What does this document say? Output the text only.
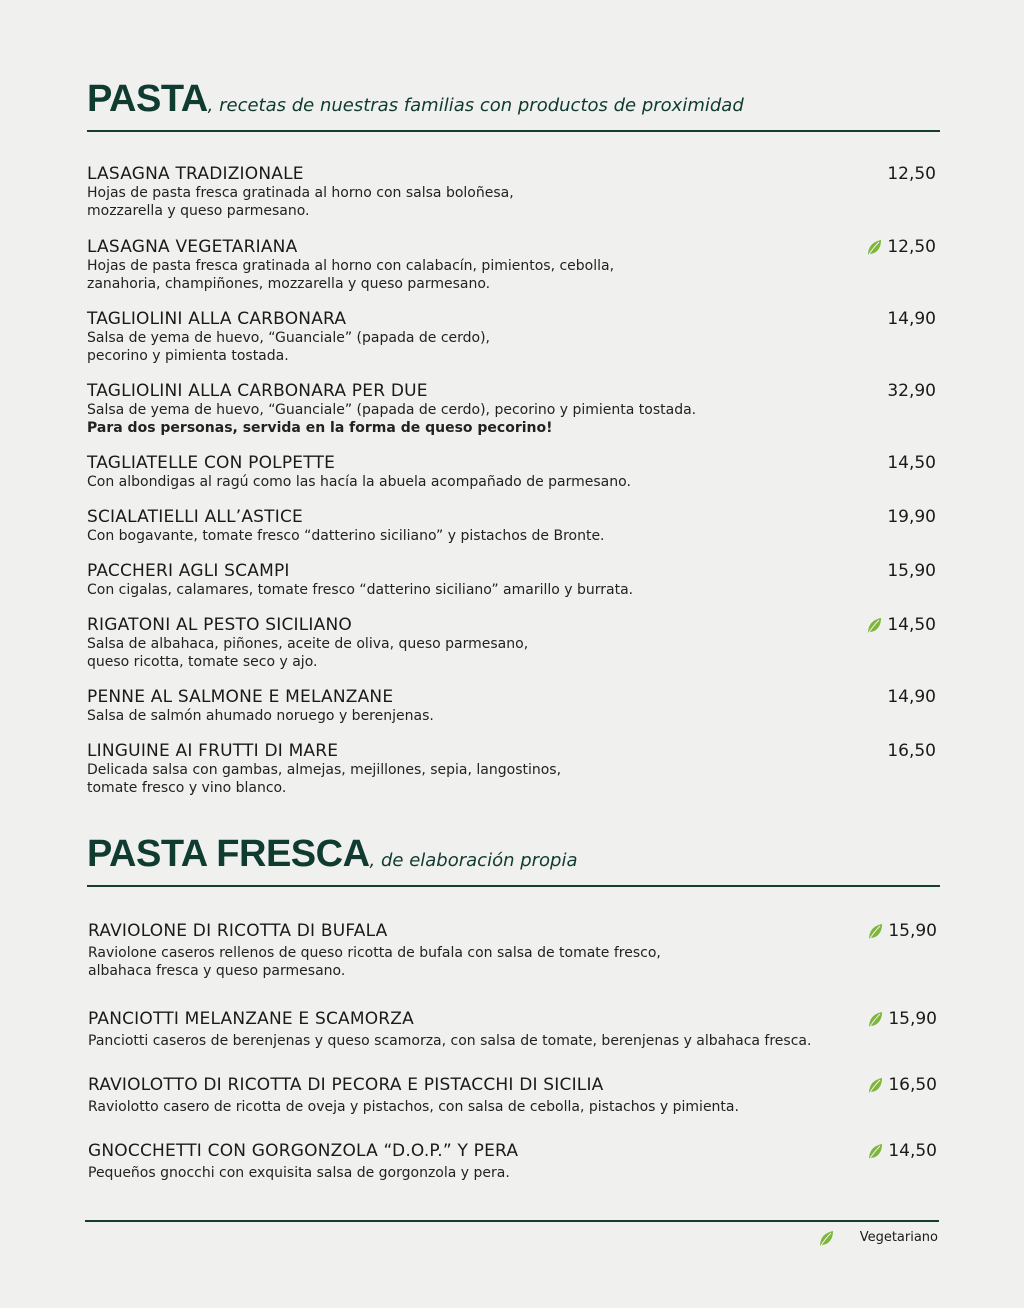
PASTA, recetas de nuestras familias con productos de proximidad
LASAGNA TRADIZIONALE
Hojas de pasta fresca gratinada al horno con salsa boloñesa,
mozzarella y queso parmesano.
12,50
LASAGNA VEGETARIANA
Hojas de pasta fresca gratinada al horno con calabacín, pimientos, cebolla,
zanahoria, champiñones, mozzarella y queso parmesano.
12,50
TAGLIOLINI ALLA CARBONARA
Salsa de yema de huevo, “Guanciale” (papada de cerdo),
pecorino y pimienta tostada.
14,90
TAGLIOLINI ALLA CARBONARA PER DUE
Salsa de yema de huevo, “Guanciale” (papada de cerdo), pecorino y pimienta tostada.
Para dos personas, servida en la forma de queso pecorino!
32,90
TAGLIATELLE CON POLPETTE
Con albondigas al ragú como las hacía la abuela acompañado de parmesano.
14,50
SCIALATIELLI ALL’ASTICE
Con bogavante, tomate fresco “datterino siciliano” y pistachos de Bronte.
19,90
PACCHERI AGLI SCAMPI
Con cigalas, calamares, tomate fresco “datterino siciliano” amarillo y burrata.
15,90
RIGATONI AL PESTO SICILIANO
Salsa de albahaca, piñones, aceite de oliva, queso parmesano,
queso ricotta, tomate seco y ajo.
14,50
PENNE AL SALMONE E MELANZANE
Salsa de salmón ahumado noruego y berenjenas.
14,90
LINGUINE AI FRUTTI DI MARE
Delicada salsa con gambas, almejas, mejillones, sepia, langostinos,
tomate fresco y vino blanco.
16,50
PASTA FRESCA, de elaboración propia
RAVIOLONE DI RICOTTA DI BUFALA
Raviolone caseros rellenos de queso ricotta de bufala con salsa de tomate fresco,
albahaca fresca y queso parmesano.
15,90
PANCIOTTI MELANZANE E SCAMORZA
Panciotti caseros de berenjenas y queso scamorza, con salsa de tomate, berenjenas y albahaca fresca.
15,90
RAVIOLOTTO DI RICOTTA DI PECORA E PISTACCHI DI SICILIA
Raviolotto casero de ricotta de oveja y pistachos, con salsa de cebolla, pistachos y pimienta.
16,50
GNOCCHETTI CON GORGONZOLA “D.O.P.” Y PERA
Pequeños gnocchi con exquisita salsa de gorgonzola y pera.
14,50
Vegetariano
